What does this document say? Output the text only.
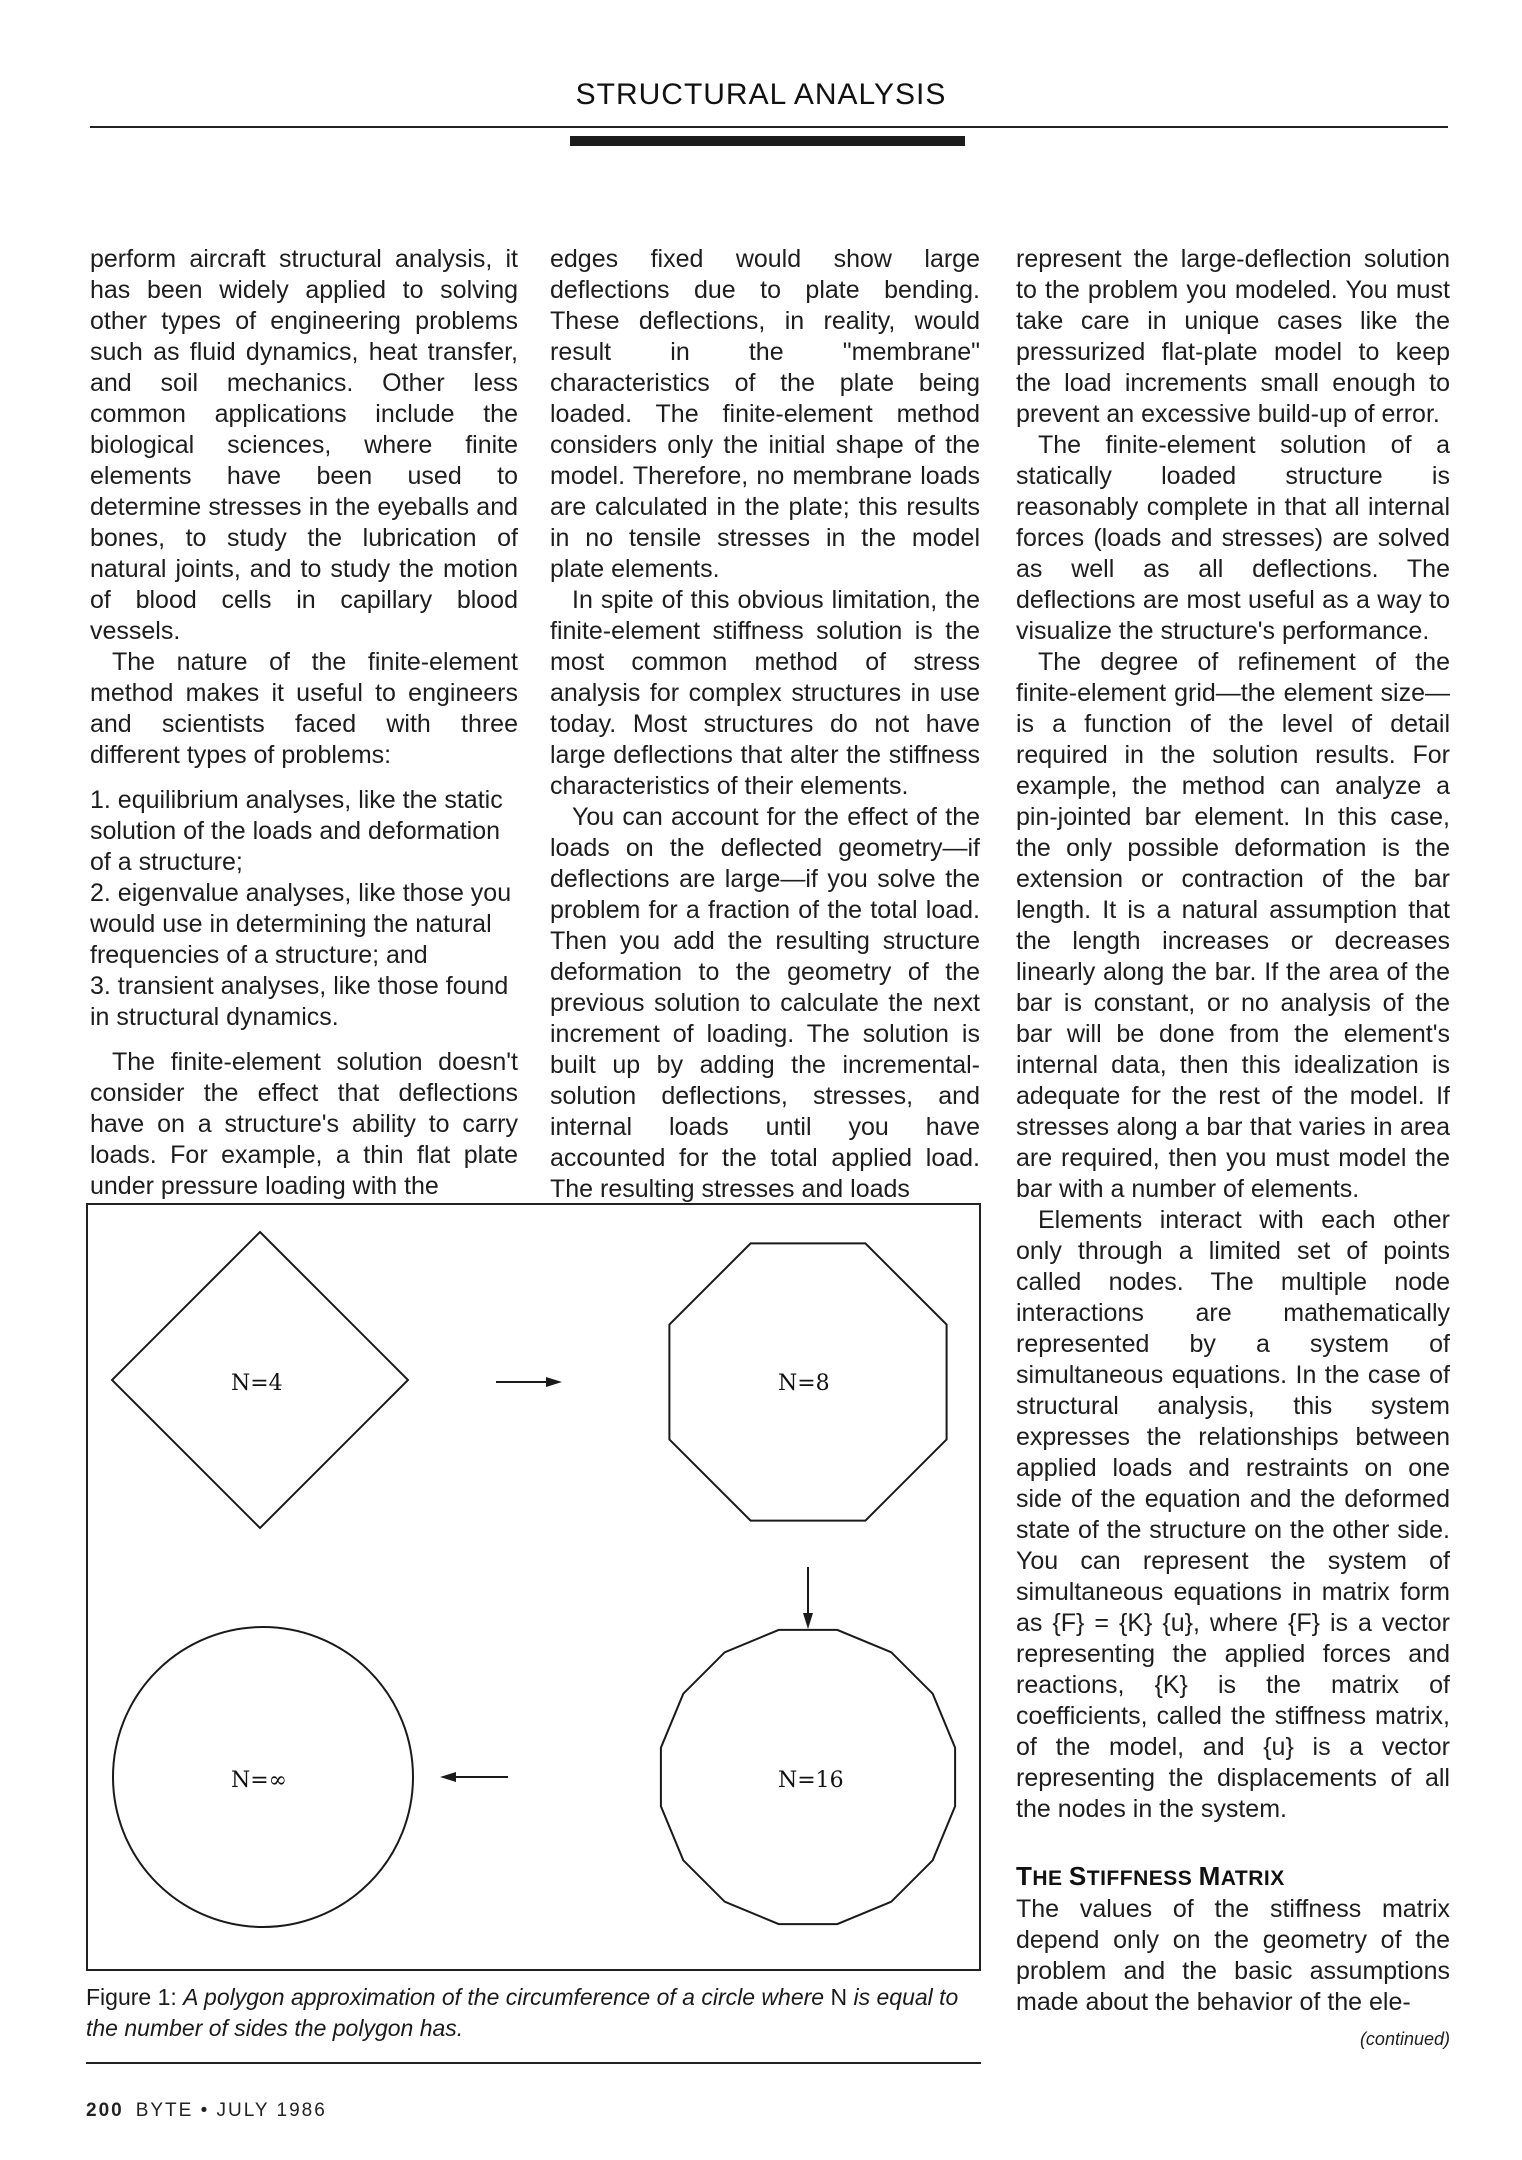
STRUCTURAL ANALYSIS

perform aircraft structural analysis, it has been widely applied to solving other types of engineering problems such as fluid dynamics, heat transfer, and soil mechanics. Other less common applications include the biological sciences, where finite elements have been used to determine stresses in the eyeballs and bones, to study the lubrication of natural joints, and to study the motion of blood cells in capillary blood vessels.

The nature of the finite-element method makes it useful to engineers and scientists faced with three different types of problems:

1. equilibrium analyses, like the static solution of the loads and deformation of a structure;

2. eigenvalue analyses, like those you would use in determining the natural frequencies of a structure; and

3. transient analyses, like those found in structural dynamics.

The finite-element solution doesn't consider the effect that deflections have on a structure's ability to carry loads. For example, a thin flat plate under pressure loading with the

edges fixed would show large deflections due to plate bending. These deflections, in reality, would result in the "membrane" characteristics of the plate being loaded. The finite-element method considers only the initial shape of the model. Therefore, no membrane loads are calculated in the plate; this results in no tensile stresses in the model plate elements.

In spite of this obvious limitation, the finite-element stiffness solution is the most common method of stress analysis for complex structures in use today. Most structures do not have large deflections that alter the stiffness characteristics of their elements.

You can account for the effect of the loads on the deflected geometry—if deflections are large—if you solve the problem for a fraction of the total load. Then you add the resulting structure deformation to the geometry of the previous solution to calculate the next increment of loading. The solution is built up by adding the incremental-solution deflections, stresses, and internal loads until you have accounted for the total applied load. The resulting stresses and loads

represent the large-deflection solution to the problem you modeled. You must take care in unique cases like the pressurized flat-plate model to keep the load increments small enough to prevent an excessive build-up of error.

The finite-element solution of a statically loaded structure is reasonably complete in that all internal forces (loads and stresses) are solved as well as all deflections. The deflections are most useful as a way to visualize the structure's performance.

The degree of refinement of the finite-element grid—the element size—is a function of the level of detail required in the solution results. For example, the method can analyze a pin-jointed bar element. In this case, the only possible deformation is the extension or contraction of the bar length. It is a natural assumption that the length increases or decreases linearly along the bar. If the area of the bar is constant, or no analysis of the bar will be done from the element's internal data, then this idealization is adequate for the rest of the model. If stresses along a bar that varies in area are required, then you must model the bar with a number of elements.

Elements interact with each other only through a limited set of points called nodes. The multiple node interactions are mathematically represented by a system of simultaneous equations. In the case of structural analysis, this system expresses the relationships between applied loads and restraints on one side of the equation and the deformed state of the structure on the other side. You can represent the system of simultaneous equations in matrix form as {F} = {K} {u}, where {F} is a vector representing the applied forces and reactions, {K} is the matrix of coefficients, called the stiffness matrix, of the model, and {u} is a vector representing the displacements of all the nodes in the system.

THE STIFFNESS MATRIX

The values of the stiffness matrix depend only on the geometry of the problem and the basic assumptions made about the behavior of the ele-

(continued)
N=4	N=8
N=∞	N=16
Figure 1: A polygon approximation of the circumference of a circle where N is equal to the number of sides the polygon has.
200 BYTE • JULY 1986
